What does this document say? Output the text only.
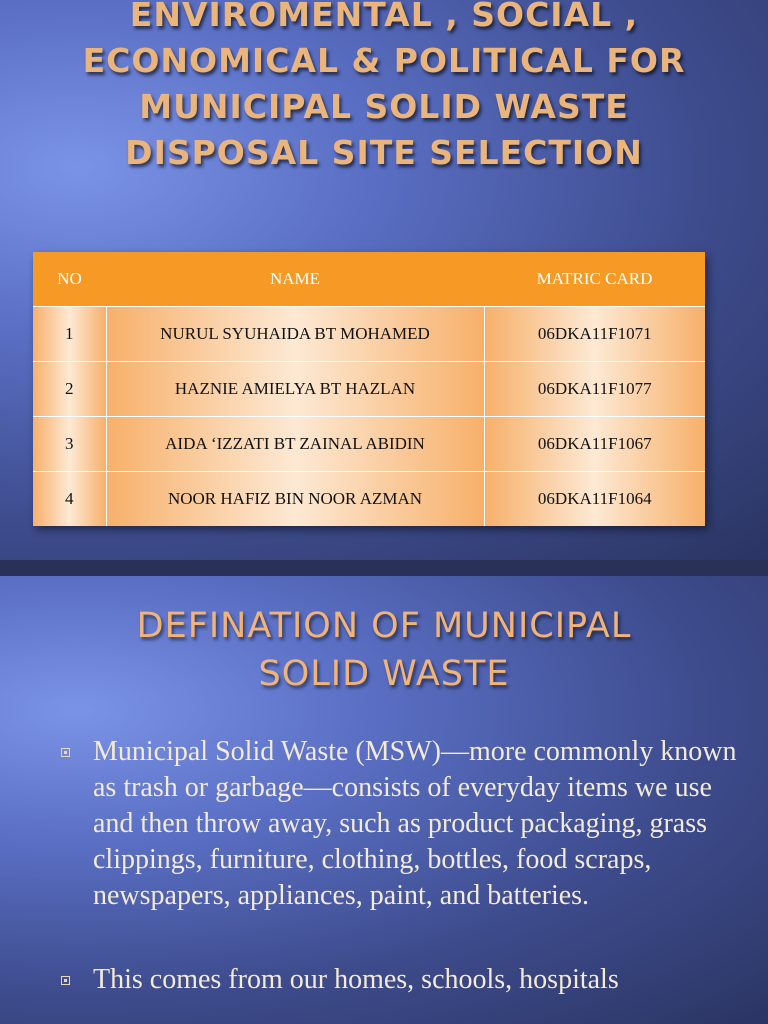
ENVIROMENTAL , SOCIAL ,
ECONOMICAL & POLITICAL FOR
MUNICIPAL SOLID WASTE
DISPOSAL SITE SELECTION
NO	NAME	MATRIC CARD
1	NURUL SYUHAIDA BT MOHAMED	06DKA11F1071
2	HAZNIE AMIELYA BT HAZLAN	06DKA11F1077
3	AIDA ‘IZZATI BT ZAINAL ABIDIN	06DKA11F1067
4	NOOR HAFIZ BIN NOOR AZMAN	06DKA11F1064
DEFINATION OF MUNICIPAL
SOLID WASTE
Municipal Solid Waste (MSW)—more commonly known as trash or garbage—consists of everyday items we use and then throw away, such as product packaging, grass clippings, furniture, clothing, bottles, food scraps, newspapers, appliances, paint, and batteries.
This comes from our homes, schools, hospitals
